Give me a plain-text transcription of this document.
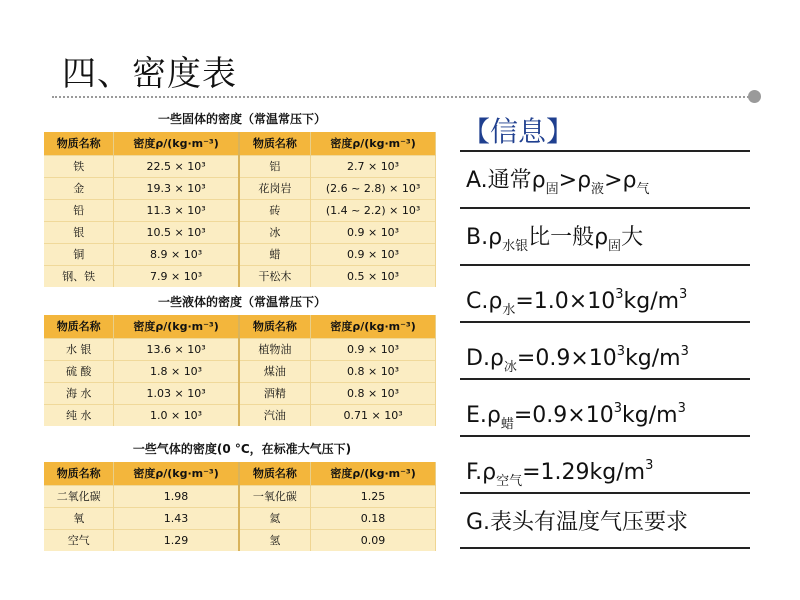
四、密度表
一些固体的密度（常温常压下）
物质名称	密度ρ/(kg·m⁻³)	物质名称	密度ρ/(kg·m⁻³)
铁	22.5 × 10³	铝	2.7 × 10³
金	19.3 × 10³	花岗岩	(2.6 ~ 2.8) × 10³
铅	11.3 × 10³	砖	(1.4 ~ 2.2) × 10³
银	10.5 × 10³	冰	0.9 × 10³
铜	8.9 × 10³	蜡	0.9 × 10³
钢、铁	7.9 × 10³	干松木	0.5 × 10³
一些液体的密度（常温常压下）
物质名称	密度ρ/(kg·m⁻³)	物质名称	密度ρ/(kg·m⁻³)
水 银	13.6 × 10³	植物油	0.9 × 10³
硫 酸	1.8 × 10³	煤油	0.8 × 10³
海 水	1.03 × 10³	酒精	0.8 × 10³
纯 水	1.0 × 10³	汽油	0.71 × 10³
一些气体的密度(0 °C，在标准大气压下)
物质名称	密度ρ/(kg·m⁻³)	物质名称	密度ρ/(kg·m⁻³)
二氧化碳	1.98	一氧化碳	1.25
氧	1.43	氦	0.18
空气	1.29	氢	0.09
【信息】
A.通常$\rho_固>\rho_液>\rho_气$
$B.\rho_{水银}$比一般$\rho_固$大
$C.\rho_水=1.0\times 10^3kg/m^3$
$D.\rho_冰=0.9\times 10^3kg/m^3$
$E.\rho_蜡=0.9\times 10^3kg/m^3$
$F.\rho_{空气}=1.29kg/m^3$
G.表头有温度气压要求
